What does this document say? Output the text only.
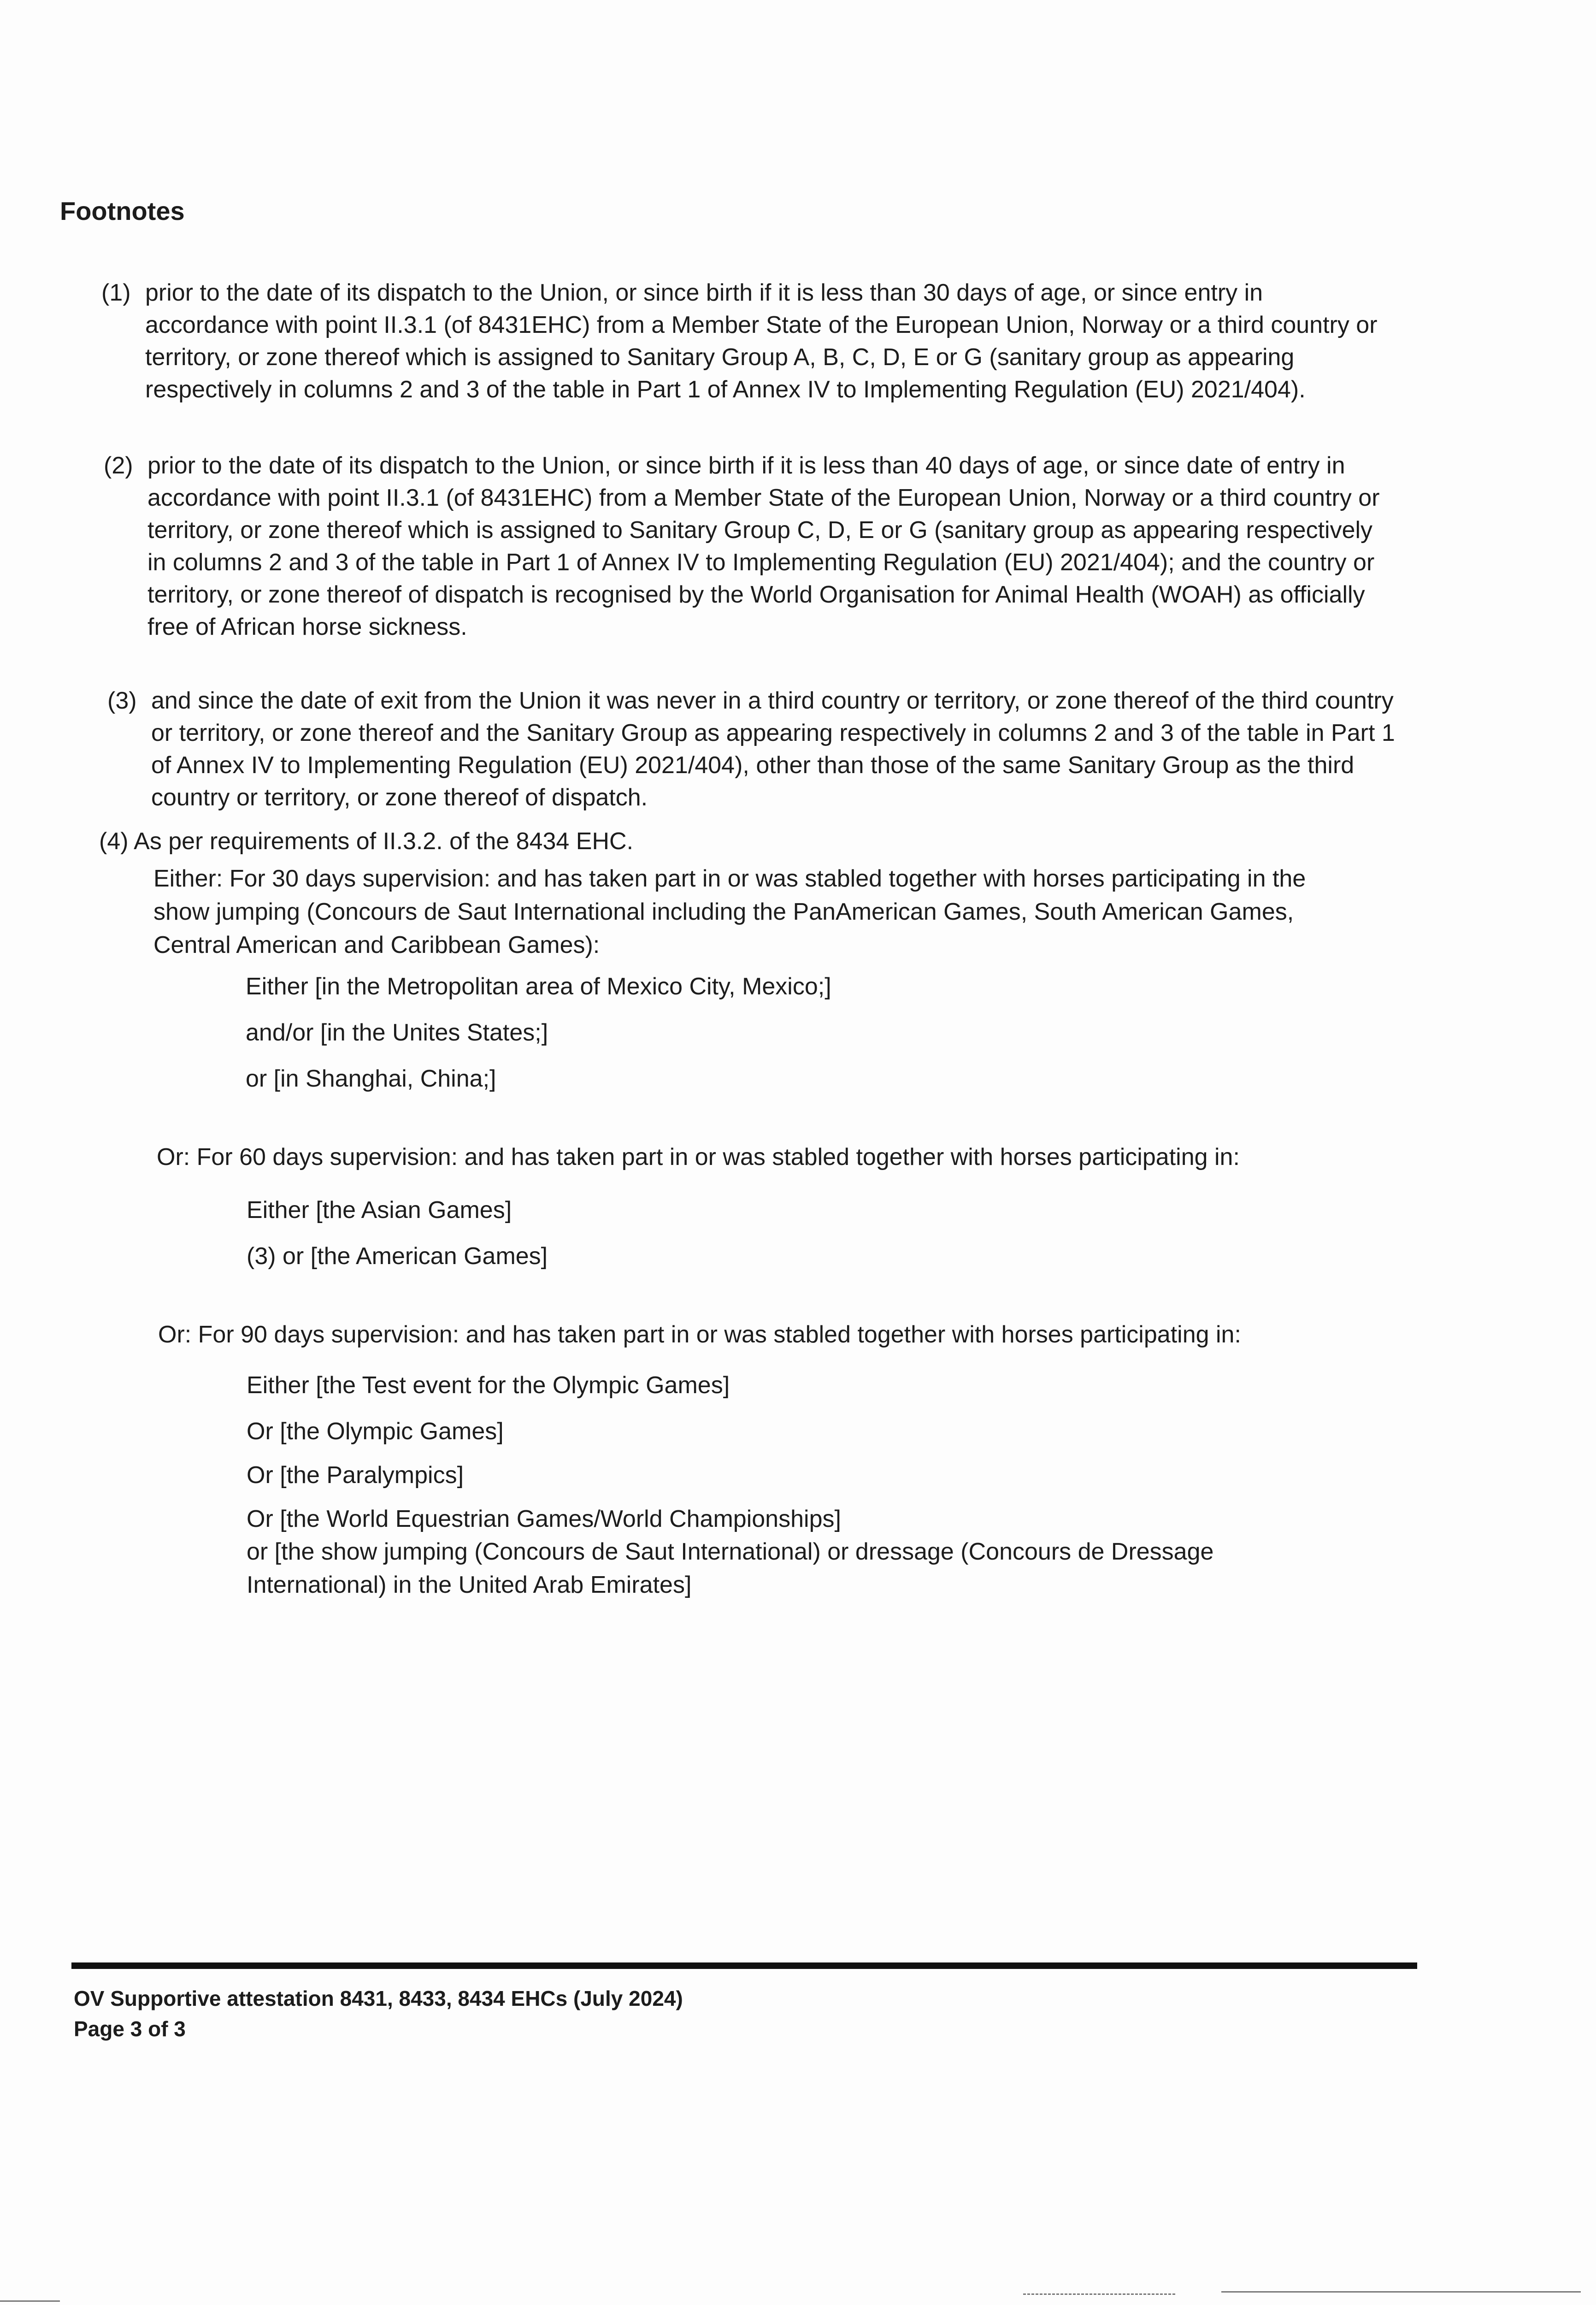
Footnotes
(1) prior to the date of its dispatch to the Union, or since birth if it is less than 30 days of age, or since entry in accordance with point II.3.1 (of 8431EHC) from a Member State of the European Union, Norway or a third country or territory, or zone thereof which is assigned to Sanitary Group A, B, C, D, E or G (sanitary group as appearing respectively in columns 2 and 3 of the table in Part 1 of Annex IV to Implementing Regulation (EU) 2021/404).

(2) prior to the date of its dispatch to the Union, or since birth if it is less than 40 days of age, or since date of entry in accordance with point II.3.1 (of 8431EHC) from a Member State of the European Union, Norway or a third country or territory, or zone thereof which is assigned to Sanitary Group C, D, E or G (sanitary group as appearing respectively in columns 2 and 3 of the table in Part 1 of Annex IV to Implementing Regulation (EU) 2021/404); and the country or territory, or zone thereof of dispatch is recognised by the World Organisation for Animal Health (WOAH) as officially free of African horse sickness.

(3) and since the date of exit from the Union it was never in a third country or territory, or zone thereof of the third country or territory, or zone thereof and the Sanitary Group as appearing respectively in columns 2 and 3 of the table in Part 1 of Annex IV to Implementing Regulation (EU) 2021/404), other than those of the same Sanitary Group as the third country or territory, or zone thereof of dispatch.

(4) As per requirements of II.3.2. of the 8434 EHC.

Either: For 30 days supervision: and has taken part in or was stabled together with horses participating in the show jumping (Concours de Saut International including the PanAmerican Games, South American Games, Central American and Caribbean Games):

Either [in the Metropolitan area of Mexico City, Mexico;]

and/or [in the Unites States;]

or [in Shanghai, China;]

Or: For 60 days supervision: and has taken part in or was stabled together with horses participating in:

Either [the Asian Games]

(3) or [the American Games]

Or: For 90 days supervision: and has taken part in or was stabled together with horses participating in:

Either [the Test event for the Olympic Games]

Or [the Olympic Games]

Or [the Paralympics]

Or [the World Equestrian Games/World Championships]

or [the show jumping (Concours de Saut International) or dressage (Concours de Dressage International) in the United Arab Emirates]

OV Supportive attestation 8431, 8433, 8434 EHCs (July 2024)
Page 3 of 3
